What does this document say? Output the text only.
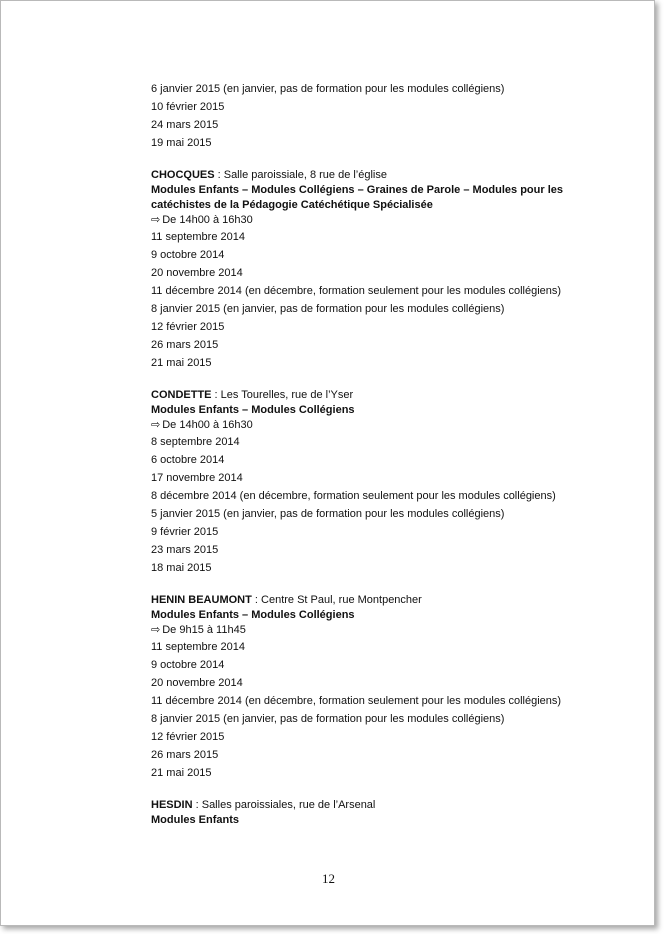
6 janvier 2015 (en janvier, pas de formation pour les modules collégiens)
10 février 2015
24 mars 2015
19 mai 2015
CHOCQUES : Salle paroissiale, 8 rue de l’église
Modules Enfants – Modules Collégiens – Graines de Parole – Modules pour les catéchistes de la Pédagogie Catéchétique Spécialisée
⇨ De 14h00 à 16h30
11 septembre 2014
9 octobre 2014
20 novembre 2014
11 décembre 2014 (en décembre, formation seulement pour les modules collégiens)
8 janvier 2015 (en janvier, pas de formation pour les modules collégiens)
12 février 2015
26 mars 2015
21 mai 2015
CONDETTE : Les Tourelles, rue de l’Yser
Modules Enfants – Modules Collégiens
⇨ De 14h00 à 16h30
8 septembre 2014
6 octobre 2014
17 novembre 2014
8 décembre 2014 (en décembre, formation seulement pour les modules collégiens)
5 janvier 2015 (en janvier, pas de formation pour les modules collégiens)
9 février 2015
23 mars 2015
18 mai 2015
HENIN BEAUMONT : Centre St Paul, rue Montpencher
Modules Enfants – Modules Collégiens
⇨ De 9h15 à 11h45
11 septembre 2014
9 octobre 2014
20 novembre 2014
11 décembre 2014 (en décembre, formation seulement pour les modules collégiens)
8 janvier 2015 (en janvier, pas de formation pour les modules collégiens)
12 février 2015
26 mars 2015
21 mai 2015
HESDIN : Salles paroissiales, rue de l’Arsenal
Modules Enfants
12
